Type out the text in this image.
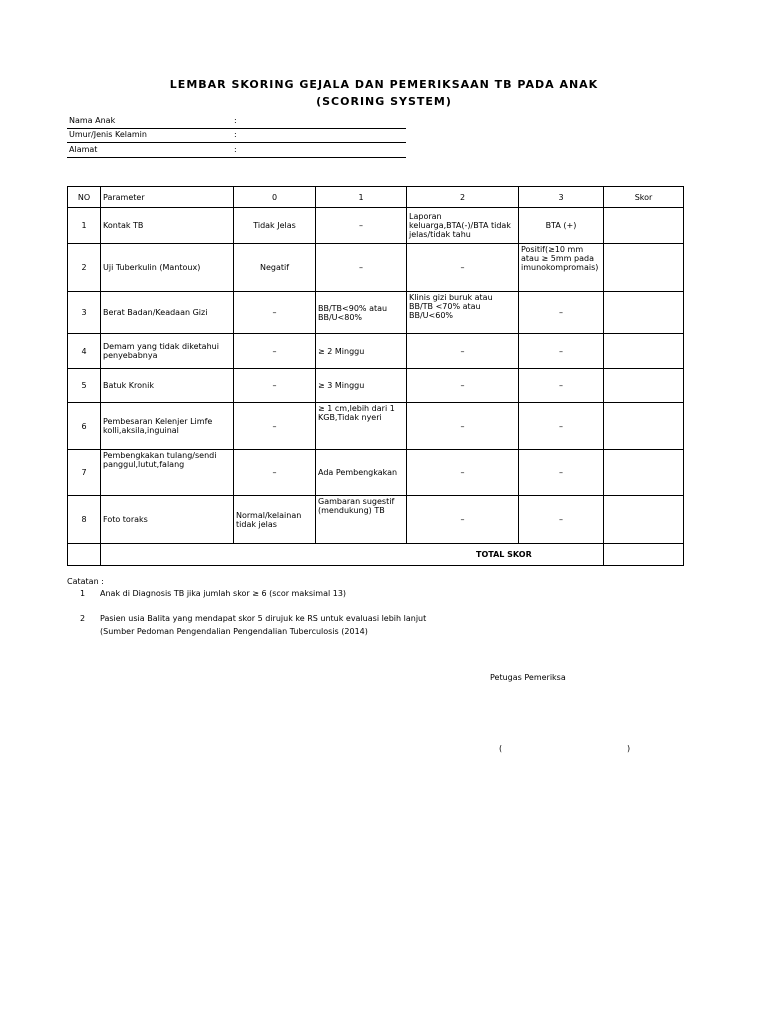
LEMBAR SKORING GEJALA DAN PEMERIKSAAN TB PADA ANAK
(SCORING SYSTEM)
Nama Anak	:
Umur/Jenis Kelamin	:
Alamat	:
NO	Parameter	0	1	2	3	Skor
1	Kontak TB	Tidak Jelas	–	Laporan keluarga,BTA(-)/BTA tidak jelas/tidak tahu	BTA (+)	
2	Uji Tuberkulin (Mantoux)	Negatif	–	–	Positif(≥10 mm atau ≥ 5mm pada imunokompromais)	
3	Berat Badan/Keadaan Gizi	–	BB/TB<90% atau BB/U<80%	Klinis gizi buruk atau BB/TB <70% atau BB/U<60%	–	
4	Demam yang tidak diketahui penyebabnya	–	≥ 2 Minggu	–	–	
5	Batuk Kronik	–	≥ 3 Minggu	–	–	
6	Pembesaran Kelenjer Limfe kolli,aksila,inguinal	–	≥ 1 cm,lebih dari 1 KGB,Tidak nyeri	–	–	
7	Pembengkakan tulang/sendi panggul,lutut,falang	–	Ada Pembengkakan	–	–	
8	Foto toraks	Normal/kelainan tidak jelas	Gambaran sugestif (mendukung) TB	–	–	
	TOTAL SKOR					
Catatan :
1 Anak di Diagnosis TB jika jumlah skor ≥ 6 (scor maksimal 13)
2 Pasien usia Balita yang mendapat skor 5 dirujuk ke RS untuk evaluasi lebih lanjut
(Sumber Pedoman Pengendalian Pengendalian Tuberculosis (2014)
Petugas Pemeriksa
(	)
